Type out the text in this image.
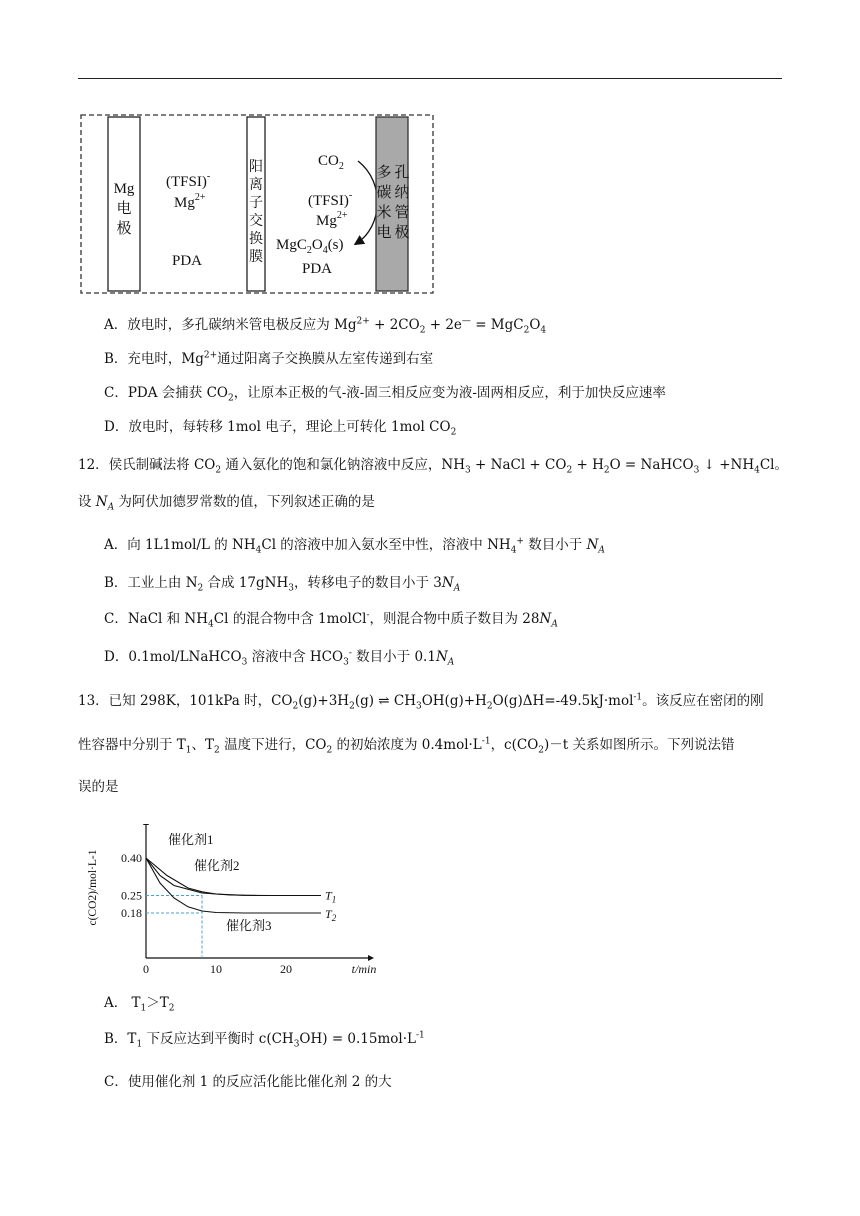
Mg
电
极
(TFSI)-
$Mg^{2+}$
PDA
阳
离
子
交
换
膜
$CO_2$
(TFSI)-
$Mg^{2+}$
$MgC_2O_4(s)$
PDA
多 孔
碳 纳
米 管
电 极
A．放电时，多孔碳纳米管电极反应为 $Mg^{2+} + 2CO_2 + 2e^— = MgC_2O_4$
B．充电时，$Mg^{2+}$通过阳离子交换膜从左室传递到右室
C．PDA 会捕获 $CO_2$，让原本正极的气-液-固三相反应变为液-固两相反应，利于加快反应速率
D．放电时，每转移 1mol 电子，理论上可转化 1mol $CO_2$
12．侯氏制碱法将 $CO_2$ 通入氨化的饱和氯化钠溶液中反应，$NH_3$ + NaCl + $CO_2 + H_2O$ = NaHCO$_3$ ↓ $+NH_4Cl$。
设 $N_A$ 为阿伏加德罗常数的值，下列叙述正确的是
A．向 1L1mol/L 的 $NH_4Cl$ 的溶液中加入氨水至中性，溶液中 $NH_4^+$ 数目小于 $N_A$
B．工业上由 $N_2$ 合成 17gNH$_3$，转移电子的数目小于 $3N_A$
C．NaCl 和 $NH_4Cl$ 的混合物中含 1molCl-，则混合物中质子数目为 $28N_A$
D．0.1mol/LNaHCO$_3$ 溶液中含 $HCO_3^-$ 数目小于 $0.1N_A$
13．已知 298K，101kPa 时，$CO_2(g)+3H_2(g)$ ⇌ $CH_3OH(g)+H_2O(g)\Delta H=-49.5kJ\cdot mol^{-1}$。该反应在密闭的刚
性容器中分别于 $T_1$、$T_2$ 温度下进行，$CO_2$ 的初始浓度为 $0.4mol\cdot L^{-1}$，$c(CO_2)-t$ 关系如图所示。下列说法错
误的是
0.40
0.25
0.18
0	10	20	t/min
c(CO2)/mol·L-1
催化剂1
催化剂2
催化剂3
$T_1$
$T_2$
A． $T_1>T_2$
B．$T_1$ 下反应达到平衡时 $c(CH_3OH) = 0.15mol\cdot L^{-1}$
C．使用催化剂 1 的反应活化能比催化剂 2 的大
